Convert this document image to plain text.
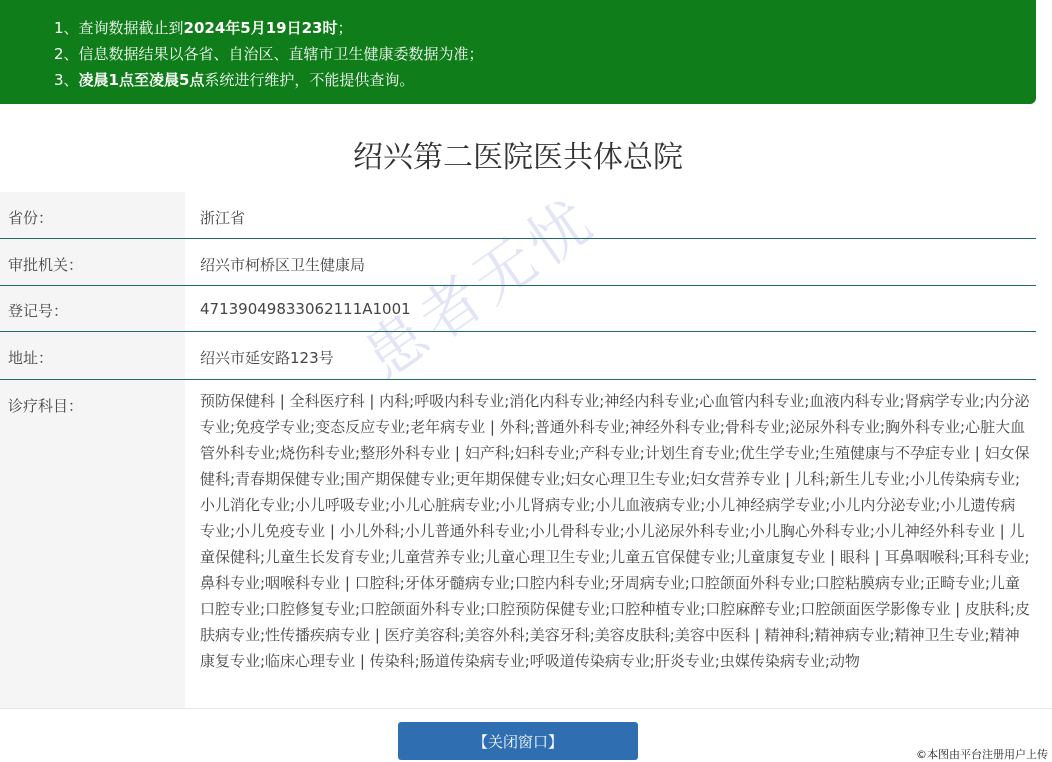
1、查询数据截止到2024年5月19日23时；
2、信息数据结果以各省、自治区、直辖市卫生健康委数据为准；
3、凌晨1点至凌晨5点系统进行维护，不能提供查询。
绍兴第二医院医共体总院
省份：	浙江省
审批机关：	绍兴市柯桥区卫生健康局
登记号：	47139049833062111A1001
地址：	绍兴市延安路123号
诊疗科目：	预防保健科 | 全科医疗科 | 内科;呼吸内科专业;消化内科专业;神经内科专业;心血管内科专业;血液内科专业;肾病学专业;内分泌专业;免疫学专业;变态反应专业;老年病专业 | 外科;普通外科专业;神经外科专业;骨科专业;泌尿外科专业;胸外科专业;心脏大血管外科专业;烧伤科专业;整形外科专业 | 妇产科;妇科专业;产科专业;计划生育专业;优生学专业;生殖健康与不孕症专业 | 妇女保健科;青春期保健专业;围产期保健专业;更年期保健专业;妇女心理卫生专业;妇女营养专业 | 儿科;新生儿专业;小儿传染病专业;小儿消化专业;小儿呼吸专业;小儿心脏病专业;小儿肾病专业;小儿血液病专业;小儿神经病学专业;小儿内分泌专业;小儿遗传病专业;小儿免疫专业 | 小儿外科;小儿普通外科专业;小儿骨科专业;小儿泌尿外科专业;小儿胸心外科专业;小儿神经外科专业 | 儿童保健科;儿童生长发育专业;儿童营养专业;儿童心理卫生专业;儿童五官保健专业;儿童康复专业 | 眼科 | 耳鼻咽喉科;耳科专业;鼻科专业;咽喉科专业 | 口腔科;牙体牙髓病专业;口腔内科专业;牙周病专业;口腔颌面外科专业;口腔粘膜病专业;正畸专业;儿童口腔专业;口腔修复专业;口腔颌面外科专业;口腔预防保健专业;口腔种植专业;口腔麻醉专业;口腔颌面医学影像专业 | 皮肤科;皮肤病专业;性传播疾病专业 | 医疗美容科;美容外科;美容牙科;美容皮肤科;美容中医科 | 精神科;精神病专业;精神卫生专业;精神康复专业;临床心理专业 | 传染科;肠道传染病专业;呼吸道传染病专业;肝炎专业;虫媒传染病专业;动物
患者无忧
【关闭窗口】
©本图由平台注册用户上传
